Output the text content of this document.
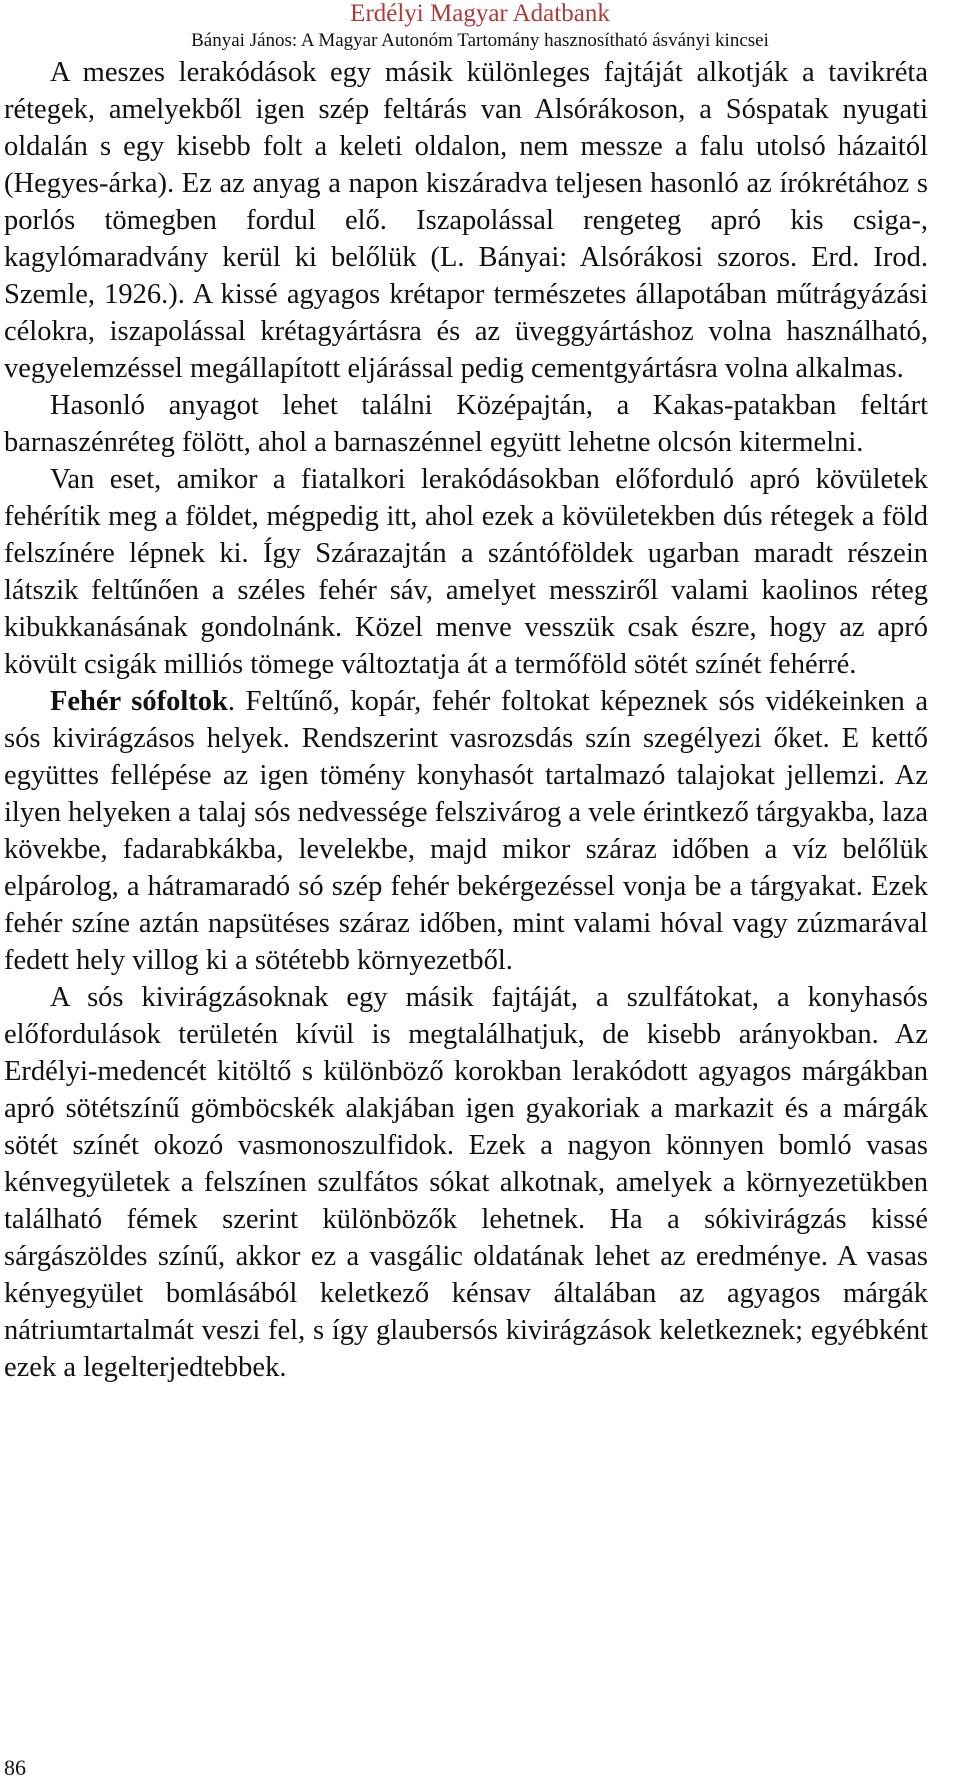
Erdélyi Magyar Adatbank
Bányai János: A Magyar Autonóm Tartomány hasznosítható ásványi kincsei

A meszes lerakódások egy másik különleges fajtáját alkotják a tavikréta rétegek, amelyekből igen szép feltárás van Alsórákoson, a Sóspatak nyugati oldalán s egy kisebb folt a keleti oldalon, nem messze a falu utolsó házaitól (Hegyes-árka). Ez az anyag a napon kiszáradva teljesen hasonló az írókrétához s porlós tömegben fordul elő. Iszapolással rengeteg apró kis csiga-, kagylómaradvány kerül ki belőlük (L. Bányai: Alsórákosi szoros. Erd. Irod. Szemle, 1926.). A kissé agyagos krétapor természetes állapotában műtrágyázási célokra, iszapolással krétagyártásra és az üveggyártáshoz volna használható, vegyelemzéssel megállapított eljárással pedig cementgyártásra volna alkalmas.

Hasonló anyagot lehet találni Középajtán, a Kakas-patakban feltárt barnaszénréteg fölött, ahol a barnaszénnel együtt lehetne olcsón kitermelni.

Van eset, amikor a fiatalkori lerakódásokban előforduló apró kövületek fehérítik meg a földet, mégpedig itt, ahol ezek a kövületekben dús rétegek a föld felszínére lépnek ki. Így Szárazajtán a szántóföldek ugarban maradt részein látszik feltűnően a széles fehér sáv, amelyet messziről valami kaolinos réteg kibukkanásának gondolnánk. Közel menve vesszük csak észre, hogy az apró kövült csigák milliós tömege változtatja át a termőföld sötét színét fehérré.

Fehér sófoltok. Feltűnő, kopár, fehér foltokat képeznek sós vidékeinken a sós kivirágzásos helyek. Rendszerint vasrozsdás szín szegélyezi őket. E kettő együttes fellépése az igen tömény konyhasót tartalmazó talajokat jellemzi. Az ilyen helyeken a talaj sós nedvessége felszivárog a vele érintkező tárgyakba, laza kövekbe, fadarabkákba, levelekbe, majd mikor száraz időben a víz belőlük elpárolog, a hátramaradó só szép fehér bekérgezéssel vonja be a tárgyakat. Ezek fehér színe aztán napsütéses száraz időben, mint valami hóval vagy zúzmarával fedett hely villog ki a sötétebb környezetből.

A sós kivirágzásoknak egy másik fajtáját, a szulfátokat, a konyhasós előfordulások területén kívül is megtalálhatjuk, de kisebb arányokban. Az Erdélyi-medencét kitöltő s különböző korokban lerakódott agyagos márgákban apró sötétszínű gömböcskék alakjában igen gyakoriak a markazit és a márgák sötét színét okozó vasmonoszulfidok. Ezek a nagyon könnyen bomló vasas kénvegyületek a felszínen szulfátos sókat alkotnak, amelyek a környezetükben található fémek szerint különbözők lehetnek. Ha a sókivirágzás kissé sárgászöldes színű, akkor ez a vasgálic oldatának lehet az eredménye. A vasas kényegyület bomlásából keletkező kénsav általában az agyagos márgák nátriumtartalmát veszi fel, s így glaubersós kivirágzások keletkeznek; egyébként ezek a legelterjedtebbek.

86
